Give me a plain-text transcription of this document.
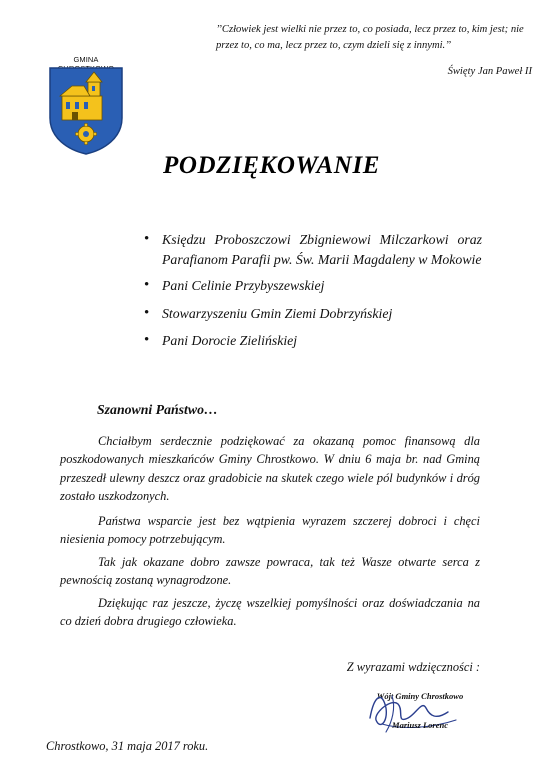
GMINA
’’Człowiek jest wielki nie przez to, co posiada, lecz przez to, kim jest; nie przez to, co ma, lecz przez to, czym dzieli się z innymi.’’
Święty Jan Paweł II
PODZIĘKOWANIE
• Księdzu Proboszczowi Zbigniewowi Milczarkowi oraz Parafianom Parafii pw. Św. Marii Magdaleny w Mokowie
• Pani Celinie Przybyszewskiej
• Stowarzyszeniu Gmin Ziemi Dobrzyńskiej
• Pani Dorocie Zielińskiej
Szanowni Państwo…
Chciałbym serdecznie podziękować za okazaną pomoc finansową dla poszkodowanych mieszkańców Gminy Chrostkowo. W dniu 6 maja br. nad Gminą przeszedł ulewny deszcz oraz gradobicie na skutek czego wiele pól budynków i dróg zostało uszkodzonych.
Państwa wsparcie jest bez wątpienia wyrazem szczerej dobroci i chęci niesienia pomocy potrzebującym.
Tak jak okazane dobro zawsze powraca, tak też Wasze otwarte serca z pewnością zostaną wynagrodzone.
Dziękując raz jeszcze, życzę wszelkiej pomyślności oraz doświadczania na co dzień dobra drugiego człowieka.
Z wyrazami wdzięczności :
Wójt Gminy Chrostkowo
Mariusz Lorenc
Chrostkowo, 31 maja 2017 roku.
